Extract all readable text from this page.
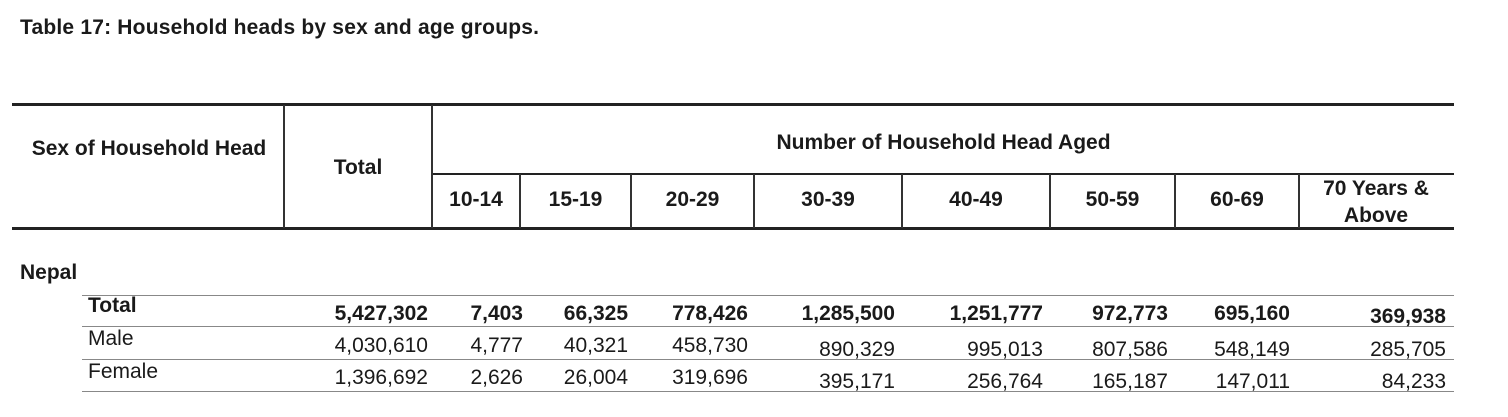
Table 17: Household heads by sex and age groups.
Sex of Household Head
Total
Number of Household Head Aged
10-14	15-19	20-29	30-39	40-49	50-59	60-69	70 Years & Above
Nepal
Total	5,427,302 7,403 66,325 778,426	1,285,500	1,251,777 972,773 695,160	369,938
Male	4,030,610 4,777 40,321 458,730	890,329	995,013 807,586 548,149	285,705
Female	1,396,692 2,626 26,004 319,696	395,171	256,764 165,187 147,011	84,233
